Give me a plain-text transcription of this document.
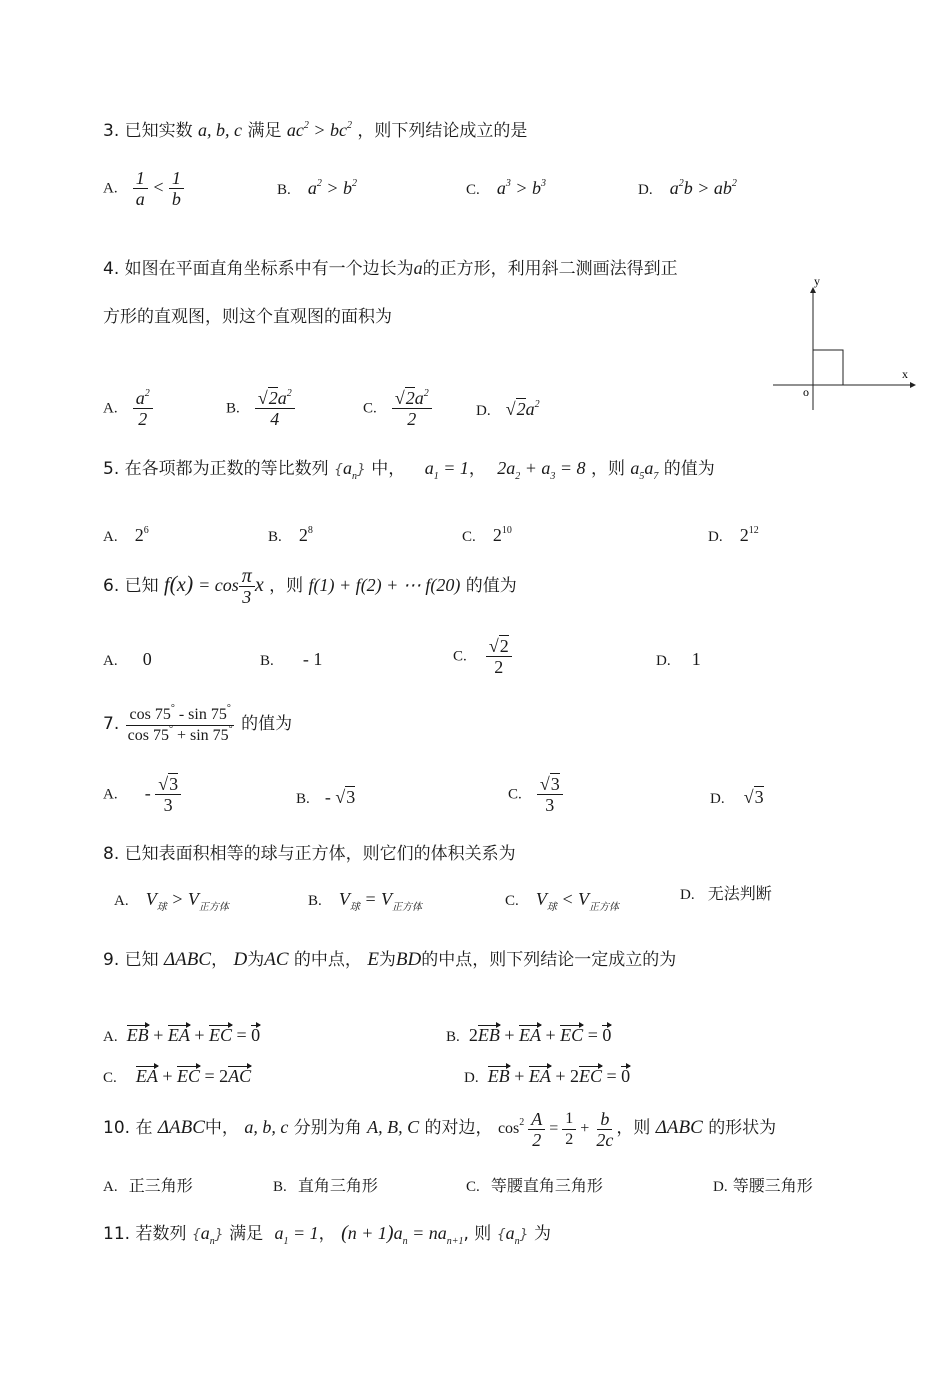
3. 已知实数 a, b, c 满足 $ac^2 > bc^2$ ，则下列结论成立的是
A. $\frac{1}{a} < \frac{1}{b}$	B. $a^2 > b^2$	C. $a^3 > b^3$	D. $a^2b > ab^2$
4. 如图在平面直角坐标系中有一个边长为a的正方形，利用斜二测画法得到正
方形的直观图，则这个直观图的面积为
y
x
o
A. $\frac{a^2}{2}$	B. $\frac{√2a^2}{4}$	C. $\frac{√2a^2}{2}$	D. $√2a^2$
5. 在各项都为正数的等比数列 $\{a_n\}$ 中， $a_1 = 1$， $2a_2 + a_3 = 8$ ，则 $a_5a_7$ 的值为
A. $2^6$	B. $2^8$	C. $2^{10}$	D. $2^{12}$
6. 已知 $f(x) = \cos \frac{\pi}{3}$ x ，则 f(1) + f(2) + ⋯ f(20) 的值为
A. 0	B. - 1	C. $\frac{√2}{2}$	D. 1
7. $\frac{\cos 75^\circ - \sin 75^\circ}{\cos 75^\circ + \sin 75^\circ}$ 的值为
A. - $\frac{√3}{3}$	B. - √3	C. $\frac{√3}{3}$	D. √3
8. 已知表面积相等的球与正方体，则它们的体积关系为
A. $V_球 > V_{正方体}$	B. $V_球 = V_{正方体}$	C. $V_球 < V_{正方体}$
D. 无法判断
9. 已知 ΔABC， D为AC 的中点， E为BD的中点，则下列结论一定成立的为
A. EB + EA + EC = 0	B. 2EB + EA + EC = 0
C. EA + EC = 2AC	D. EB + EA + 2EC = 0
10. 在 ΔABC中， a, b, c 分别为角 A, B, C 的对边， $\cos^2 \frac{A}{2} = \frac{1}{2} + \frac{b}{2c}$ ，则 ΔABC 的形状为
A. 正三角形	B. 直角三角形	C. 等腰直角三角形	D. 等腰三角形
11. 若数列 $\{a_n\}$ 满足 $a_1 = 1$， $(n + 1)a_n = na_{n+1}$, 则 $\{a_n\}$ 为
